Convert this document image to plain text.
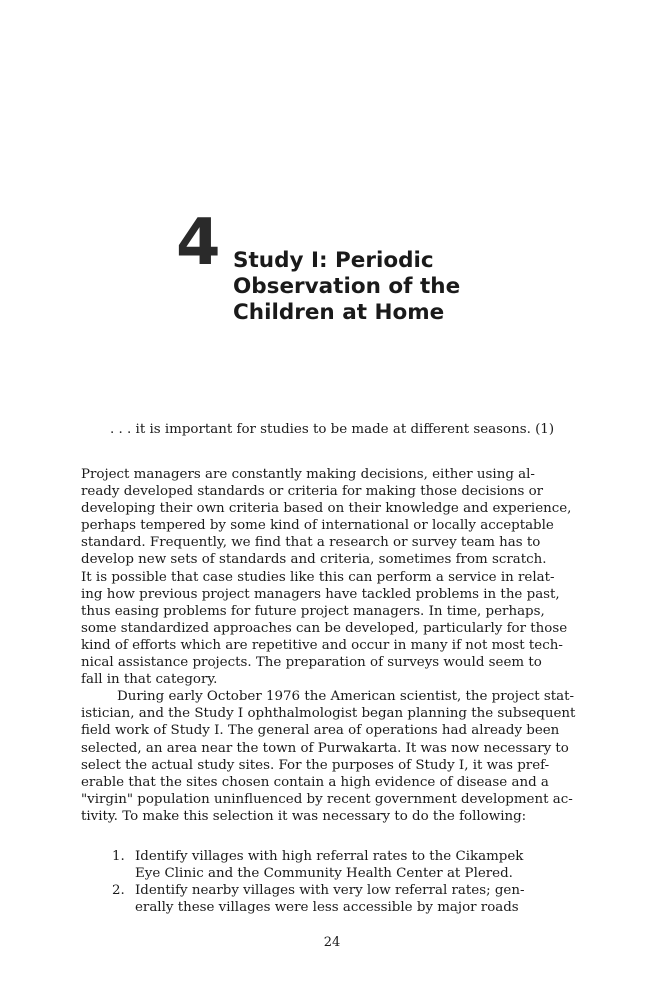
4 Study I: Periodic
Observation of the
Children at Home
. . . it is important for studies to be made at different seasons. (1)
Project managers are constantly making decisions, either using al-
ready developed standards or criteria for making those decisions or
developing their own criteria based on their knowledge and experience,
perhaps tempered by some kind of international or locally acceptable
standard. Frequently, we find that a research or survey team has to
develop new sets of standards and criteria, sometimes from scratch.
It is possible that case studies like this can perform a service in relat-
ing how previous project managers have tackled problems in the past,
thus easing problems for future project managers. In time, perhaps,
some standardized approaches can be developed, particularly for those
kind of efforts which are repetitive and occur in many if not most tech-
nical assistance projects. The preparation of surveys would seem to
fall in that category.
During early October 1976 the American scientist, the project stat-
istician, and the Study I ophthalmologist began planning the subsequent
field work of Study I. The general area of operations had already been
selected, an area near the town of Purwakarta. It was now necessary to
select the actual study sites. For the purposes of Study I, it was pref-
erable that the sites chosen contain a high evidence of disease and a
"virgin" population uninfluenced by recent government development ac-
tivity. To make this selection it was necessary to do the following:
1. Identify villages with high referral rates to the Cikampek
Eye Clinic and the Community Health Center at Plered.
2. Identify nearby villages with very low referral rates; gen-
erally these villages were less accessible by major roads
24
